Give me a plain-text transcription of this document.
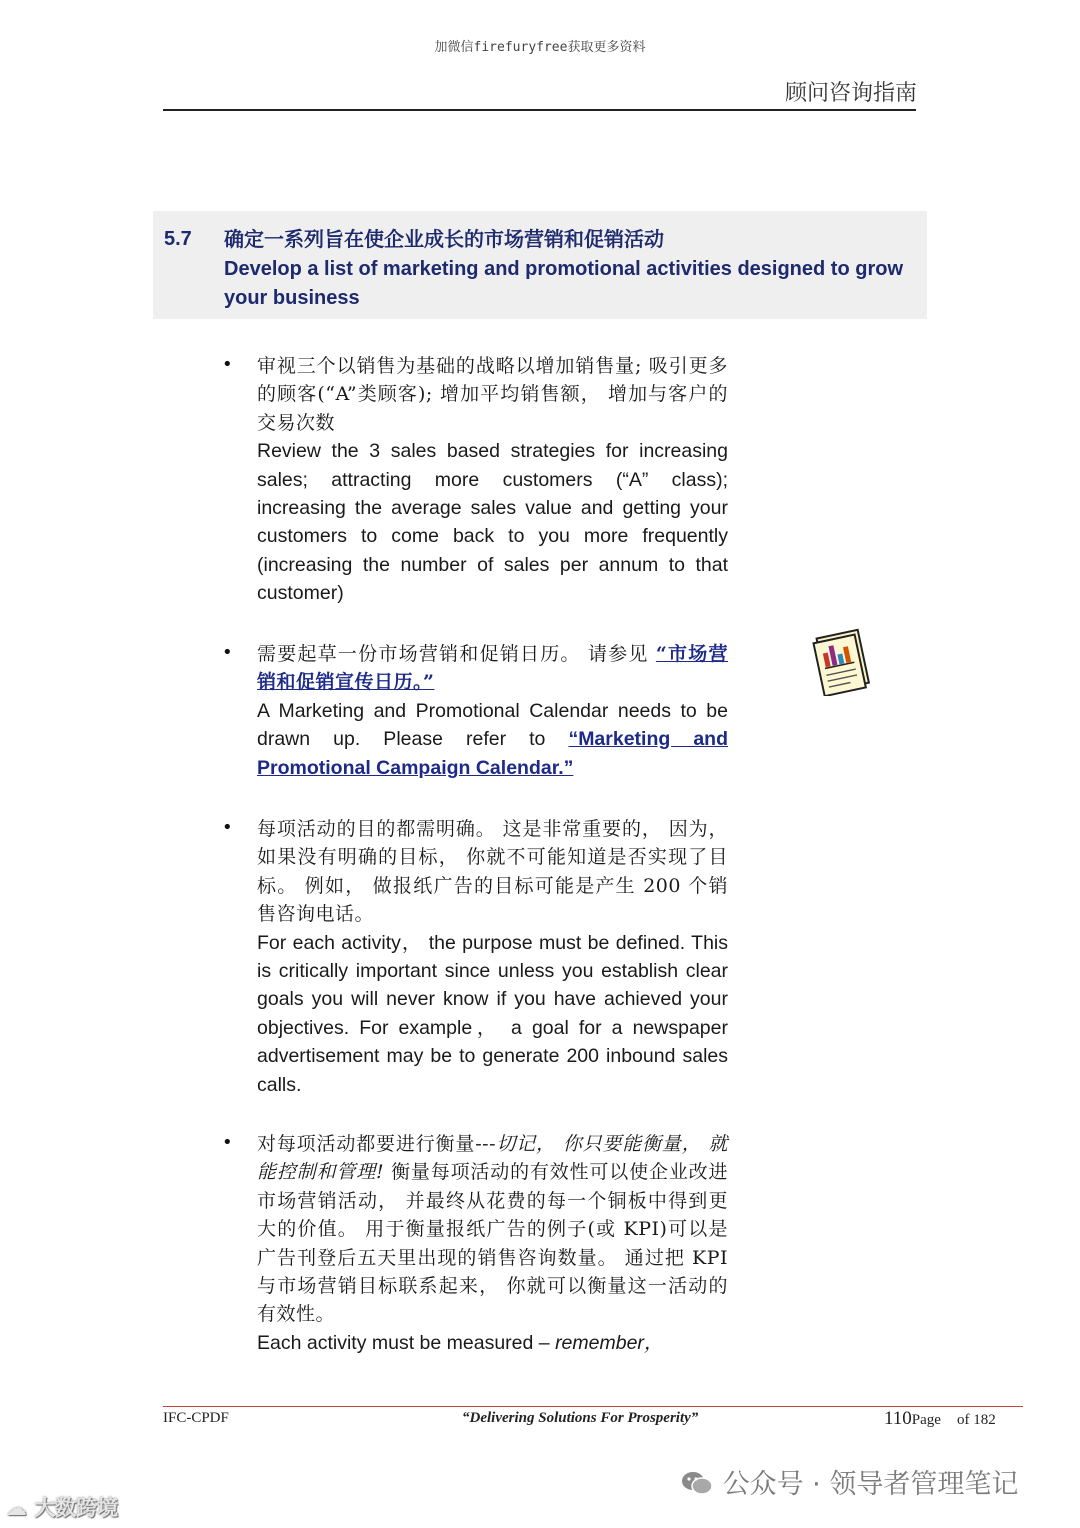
加微信firefuryfree获取更多资料
顾问咨询指南
5.7 确定一系列旨在使企业成长的市场营销和促销活动
Develop a list of marketing and promotional activities designed to grow your business
• 审视三个以销售为基础的战略以增加销售量; 吸引更多的顾客(“A”类顾客); 增加平均销售额， 增加与客户的交易次数

Review the 3 sales based strategies for increasing sales; attracting more customers (“A” class); increasing the average sales value and getting your customers to come back to you more frequently (increasing the number of sales per annum to that customer)

• 需要起草一份市场营销和促销日历。 请参见 “市场营销和促销宣传日历。”

A Marketing and Promotional Calendar needs to be drawn up. Please refer to “Marketing and Promotional Campaign Calendar.”

• 每项活动的目的都需明确。 这是非常重要的， 因为， 如果没有明确的目标， 你就不可能知道是否实现了目标。 例如， 做报纸广告的目标可能是产生 200 个销售咨询电话。

For each activity， the purpose must be defined. This is critically important since unless you establish clear goals you will never know if you have achieved your objectives. For example， a goal for a newspaper advertisement may be to generate 200 inbound sales calls.

• 对每项活动都要进行衡量---切记， 你只要能衡量， 就能控制和管理! 衡量每项活动的有效性可以使企业改进市场营销活动， 并最终从花费的每一个铜板中得到更大的价值。 用于衡量报纸广告的例子(或 KPI)可以是广告刊登后五天里出现的销售咨询数量。 通过把 KPI 与市场营销目标联系起来， 你就可以衡量这一活动的有效性。

Each activity must be measured – remember，

IFC-CPDF	“Delivering Solutions For Prosperity”	110Page of 182
公众号 · 领导者管理笔记
☁ 大数跨境
